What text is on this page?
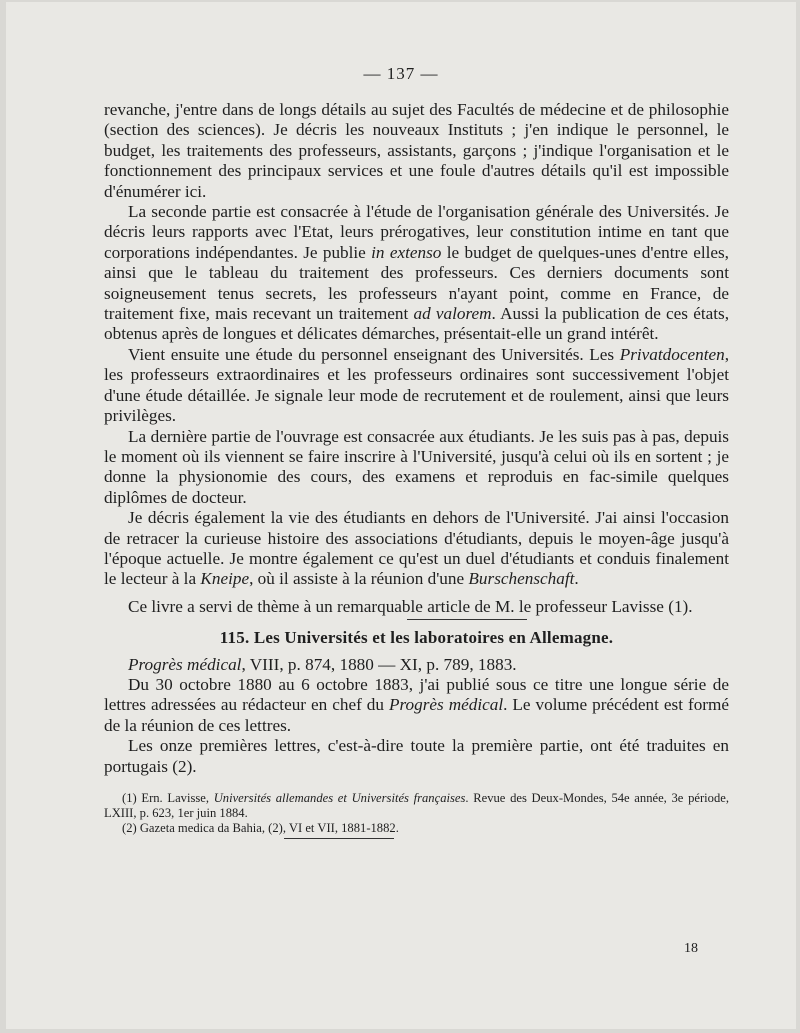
— 137 —

revanche, j'entre dans de longs détails au sujet des Facultés de médecine et de philosophie (section des sciences). Je décris les nouveaux Instituts ; j'en indique le personnel, le budget, les traitements des professeurs, assistants, garçons ; j'indique l'organisation et le fonctionnement des principaux services et une foule d'autres détails qu'il est impossible d'énumérer ici.

La seconde partie est consacrée à l'étude de l'organisation générale des Universités. Je décris leurs rapports avec l'Etat, leurs prérogatives, leur constitution intime en tant que corporations indépendantes. Je publie in extenso le budget de quelques-unes d'entre elles, ainsi que le tableau du traitement des professeurs. Ces derniers documents sont soigneusement tenus secrets, les professeurs n'ayant point, comme en France, de traitement fixe, mais recevant un traitement ad valorem. Aussi la publication de ces états, obtenus après de longues et délicates démarches, présentait-elle un grand intérêt.

Vient ensuite une étude du personnel enseignant des Universités. Les Privatdocenten, les professeurs extraordinaires et les professeurs ordinaires sont successivement l'objet d'une étude détaillée. Je signale leur mode de recrutement et de roulement, ainsi que leurs privilèges.

La dernière partie de l'ouvrage est consacrée aux étudiants. Je les suis pas à pas, depuis le moment où ils viennent se faire inscrire à l'Université, jusqu'à celui où ils en sortent ; je donne la physionomie des cours, des examens et reproduis en fac-simile quelques diplômes de docteur.

Je décris également la vie des étudiants en dehors de l'Université. J'ai ainsi l'occasion de retracer la curieuse histoire des associations d'étudiants, depuis le moyen-âge jusqu'à l'époque actuelle. Je montre également ce qu'est un duel d'étudiants et conduis finalement le lecteur à la Kneipe, où il assiste à la réunion d'une Burschenschaft.

Ce livre a servi de thème à un remarquable article de M. le professeur Lavisse (1).

115. Les Universités et les laboratoires en Allemagne.

Progrès médical, VIII, p. 874, 1880 — XI, p. 789, 1883.

Du 30 octobre 1880 au 6 octobre 1883, j'ai publié sous ce titre une longue série de lettres adressées au rédacteur en chef du Progrès médical. Le volume précédent est formé de la réunion de ces lettres.

Les onze premières lettres, c'est-à-dire toute la première partie, ont été traduites en portugais (2).

(1) Ern. Lavisse, Universités allemandes et Universités françaises. Revue des Deux-Mondes, 54e année, 3e période, LXIII, p. 623, 1er juin 1884.

(2) Gazeta medica da Bahia, (2), VI et VII, 1881-1882.

18
